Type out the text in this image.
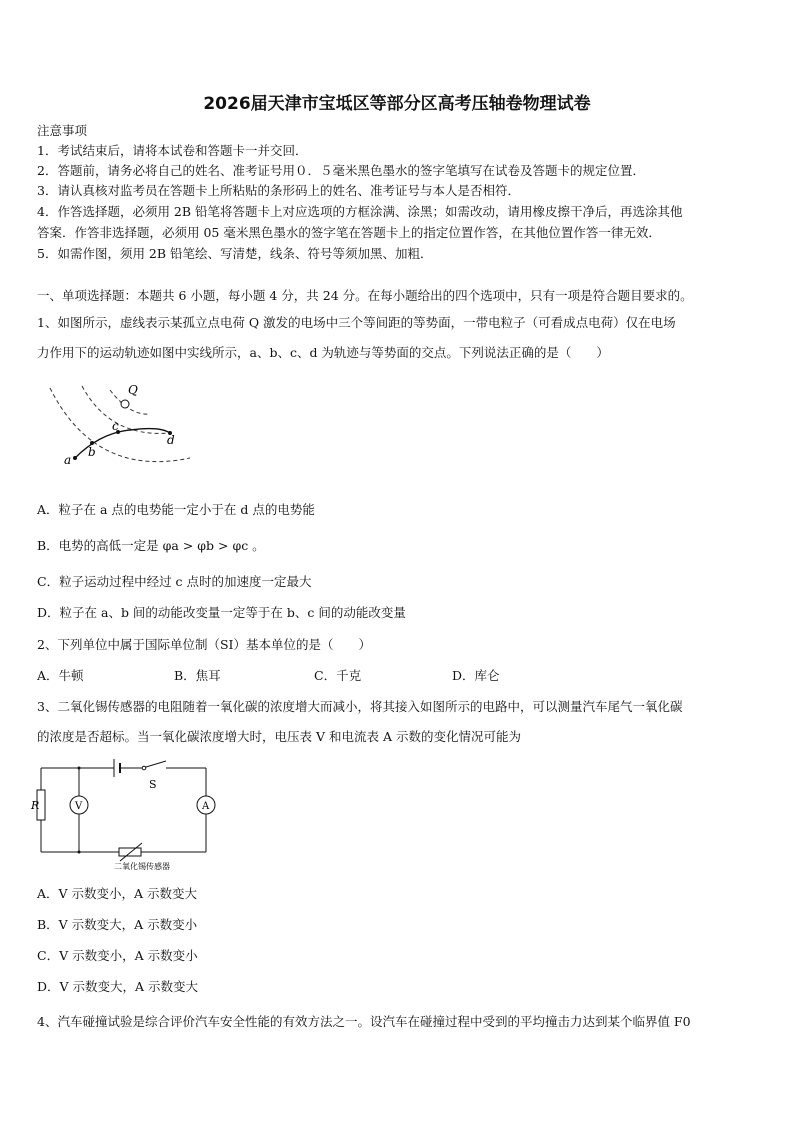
2026届天津市宝坻区等部分区高考压轴卷物理试卷
注意事项
1．考试结束后，请将本试卷和答题卡一并交回．
2．答题前，请务必将自己的姓名、准考证号用０．５毫米黑色墨水的签字笔填写在试卷及答题卡的规定位置．
3．请认真核对监考员在答题卡上所粘贴的条形码上的姓名、准考证号与本人是否相符．
4．作答选择题，必须用 2B 铅笔将答题卡上对应选项的方框涂满、涂黑；如需改动，请用橡皮擦干净后，再选涂其他
答案．作答非选择题，必须用 05 毫米黑色墨水的签字笔在答题卡上的指定位置作答，在其他位置作答一律无效．
5．如需作图，须用 2B 铅笔绘、写清楚，线条、符号等须加黑、加粗．
一、单项选择题：本题共 6 小题，每小题 4 分，共 24 分。在每小题给出的四个选项中，只有一项是符合题目要求的。
1、如图所示，虚线表示某孤立点电荷 Q 激发的电场中三个等间距的等势面，一带电粒子（可看成点电荷）仅在电场
力作用下的运动轨迹如图中实线所示，a、b、c、d 为轨迹与等势面的交点。下列说法正确的是（　　）
Q
a
b
c
d
A．粒子在 a 点的电势能一定小于在 d 点的电势能
B．电势的高低一定是 φa > φb > φc 。
C．粒子运动过程中经过 c 点时的加速度一定最大
D．粒子在 a、b 间的动能改变量一定等于在 b、c 间的动能改变量
2、下列单位中属于国际单位制（SI）基本单位的是（　　）
A．牛顿	B．焦耳	C．千克	D．库仑
3、二氧化锡传感器的电阻随着一氧化碳的浓度增大而减小，将其接入如图所示的电路中，可以测量汽车尾气一氧化碳
的浓度是否超标。当一氧化碳浓度增大时，电压表 V 和电流表 A 示数的变化情况可能为
S
R
二氧化锡传感器
V	A
A．V 示数变小，A 示数变大
B．V 示数变大，A 示数变小
C．V 示数变小，A 示数变小
D．V 示数变大，A 示数变大
4、汽车碰撞试验是综合评价汽车安全性能的有效方法之一。设汽车在碰撞过程中受到的平均撞击力达到某个临界值 F0
